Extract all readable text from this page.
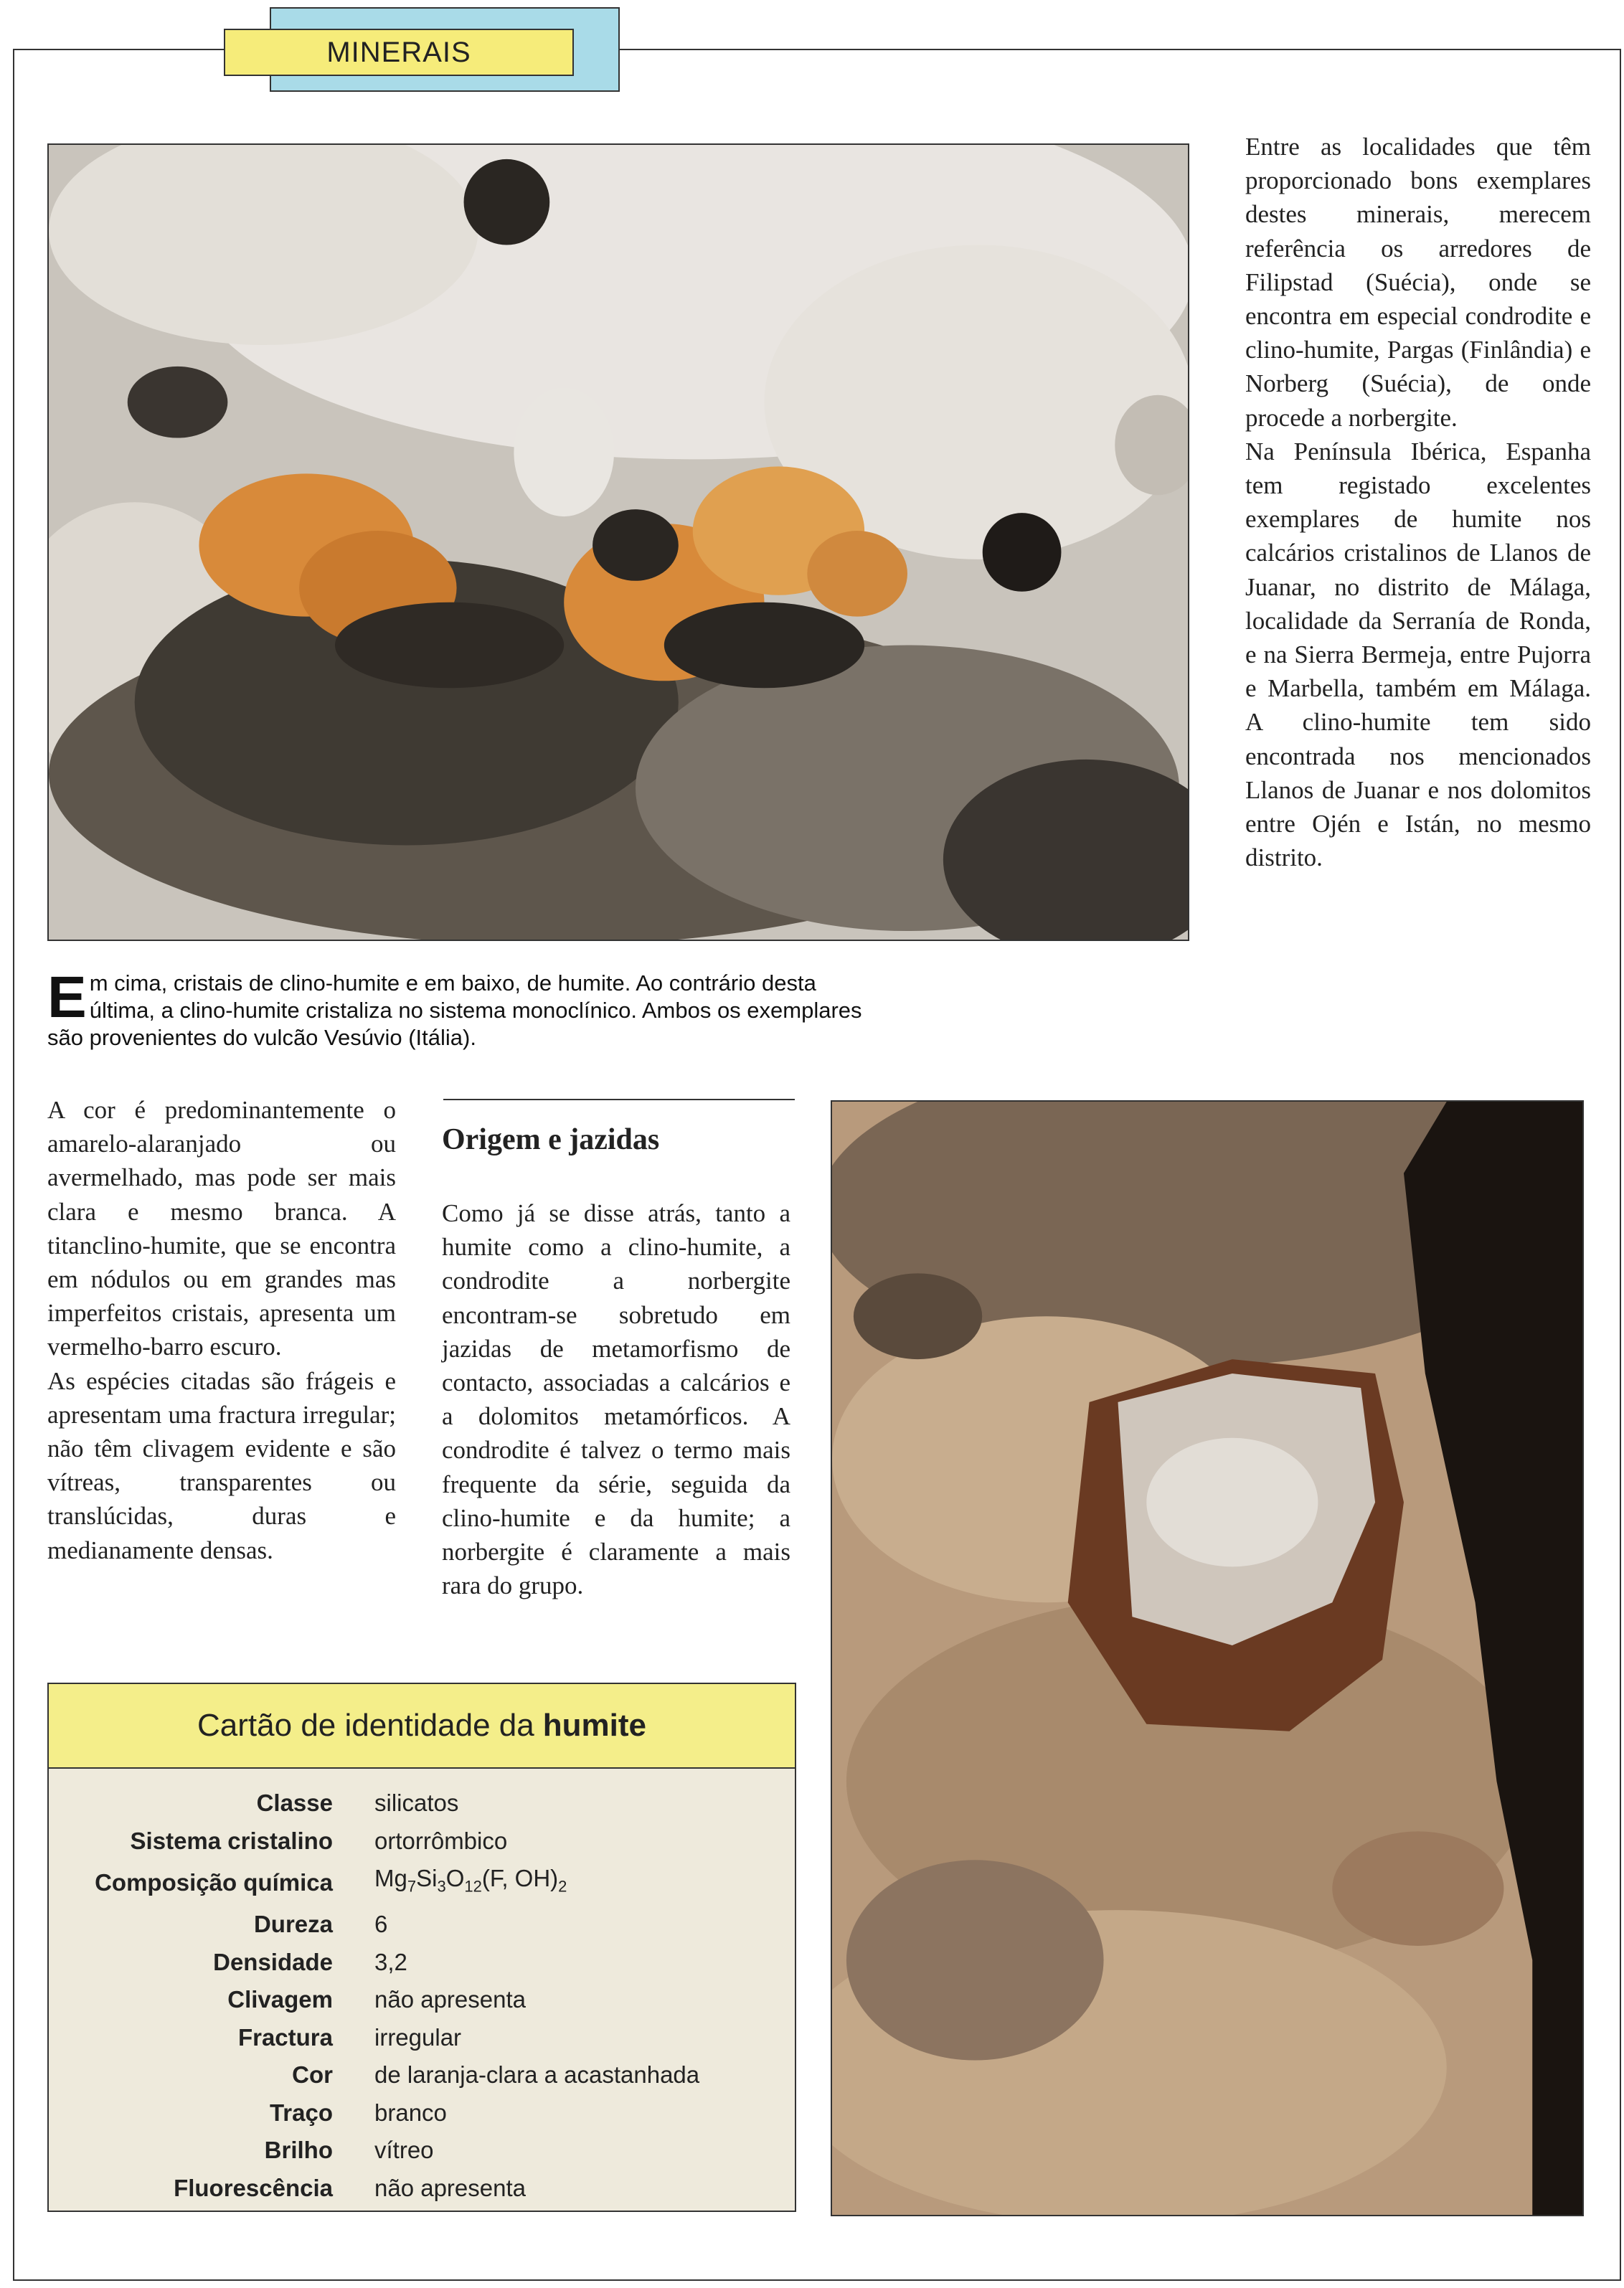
MINERAIS

Entre as localidades que têm proporcionado bons exemplares destes minerais, merecem referência os arredores de Filipstad (Suécia), onde se encontra em especial condrodite e clino-humite, Pargas (Finlândia) e Norberg (Suécia), de onde procede a norbergite.

Na Península Ibérica, Espanha tem registado excelentes exemplares de humite nos calcários cristalinos de Llanos de Juanar, no distrito de Málaga, localidade da Serranía de Ronda, e na Sierra Bermeja, entre Pujorra e Marbella, também em Málaga. A clino-humite tem sido encontrada nos mencionados Llanos de Juanar e nos dolomitos entre Ojén e Istán, no mesmo distrito.

E m cima, cristais de clino-humite e em baixo, de humite. Ao contrário desta última, a clino-humite cristaliza no sistema monoclínico. Ambos os exemplares são provenientes do vulcão Vesúvio (Itália).

A cor é predominantemente o amarelo-alaranjado ou avermelhado, mas pode ser mais clara e mesmo branca. A titanclino-humite, que se encontra em nódulos ou em grandes mas imperfeitos cristais, apresenta um vermelho-barro escuro.

As espécies citadas são frágeis e apresentam uma fractura irregular; não têm clivagem evidente e são vítreas, transparentes ou translúcidas, duras e medianamente densas.

Origem e jazidas

Como já se disse atrás, tanto a humite como a clino-humite, a condrodite a norbergite encontram-se sobretudo em jazidas de metamorfismo de contacto, associadas a calcários e a dolomitos metamórficos. A condrodite é talvez o termo mais frequente da série, seguida da clino-humite e da humite; a norbergite é claramente a mais rara do grupo.

Cartão de identidade da humite
Classe	silicatos
Sistema cristalino	ortorrômbico
Composição química	$Mg_7Si_3O_{12}(F$, $OH)_2$
Dureza	6
Densidade	3,2
Clivagem	não apresenta
Fractura	irregular
Cor	de laranja-clara a acastanhada
Traço	branco
Brilho	vítreo
Fluorescência	não apresenta
